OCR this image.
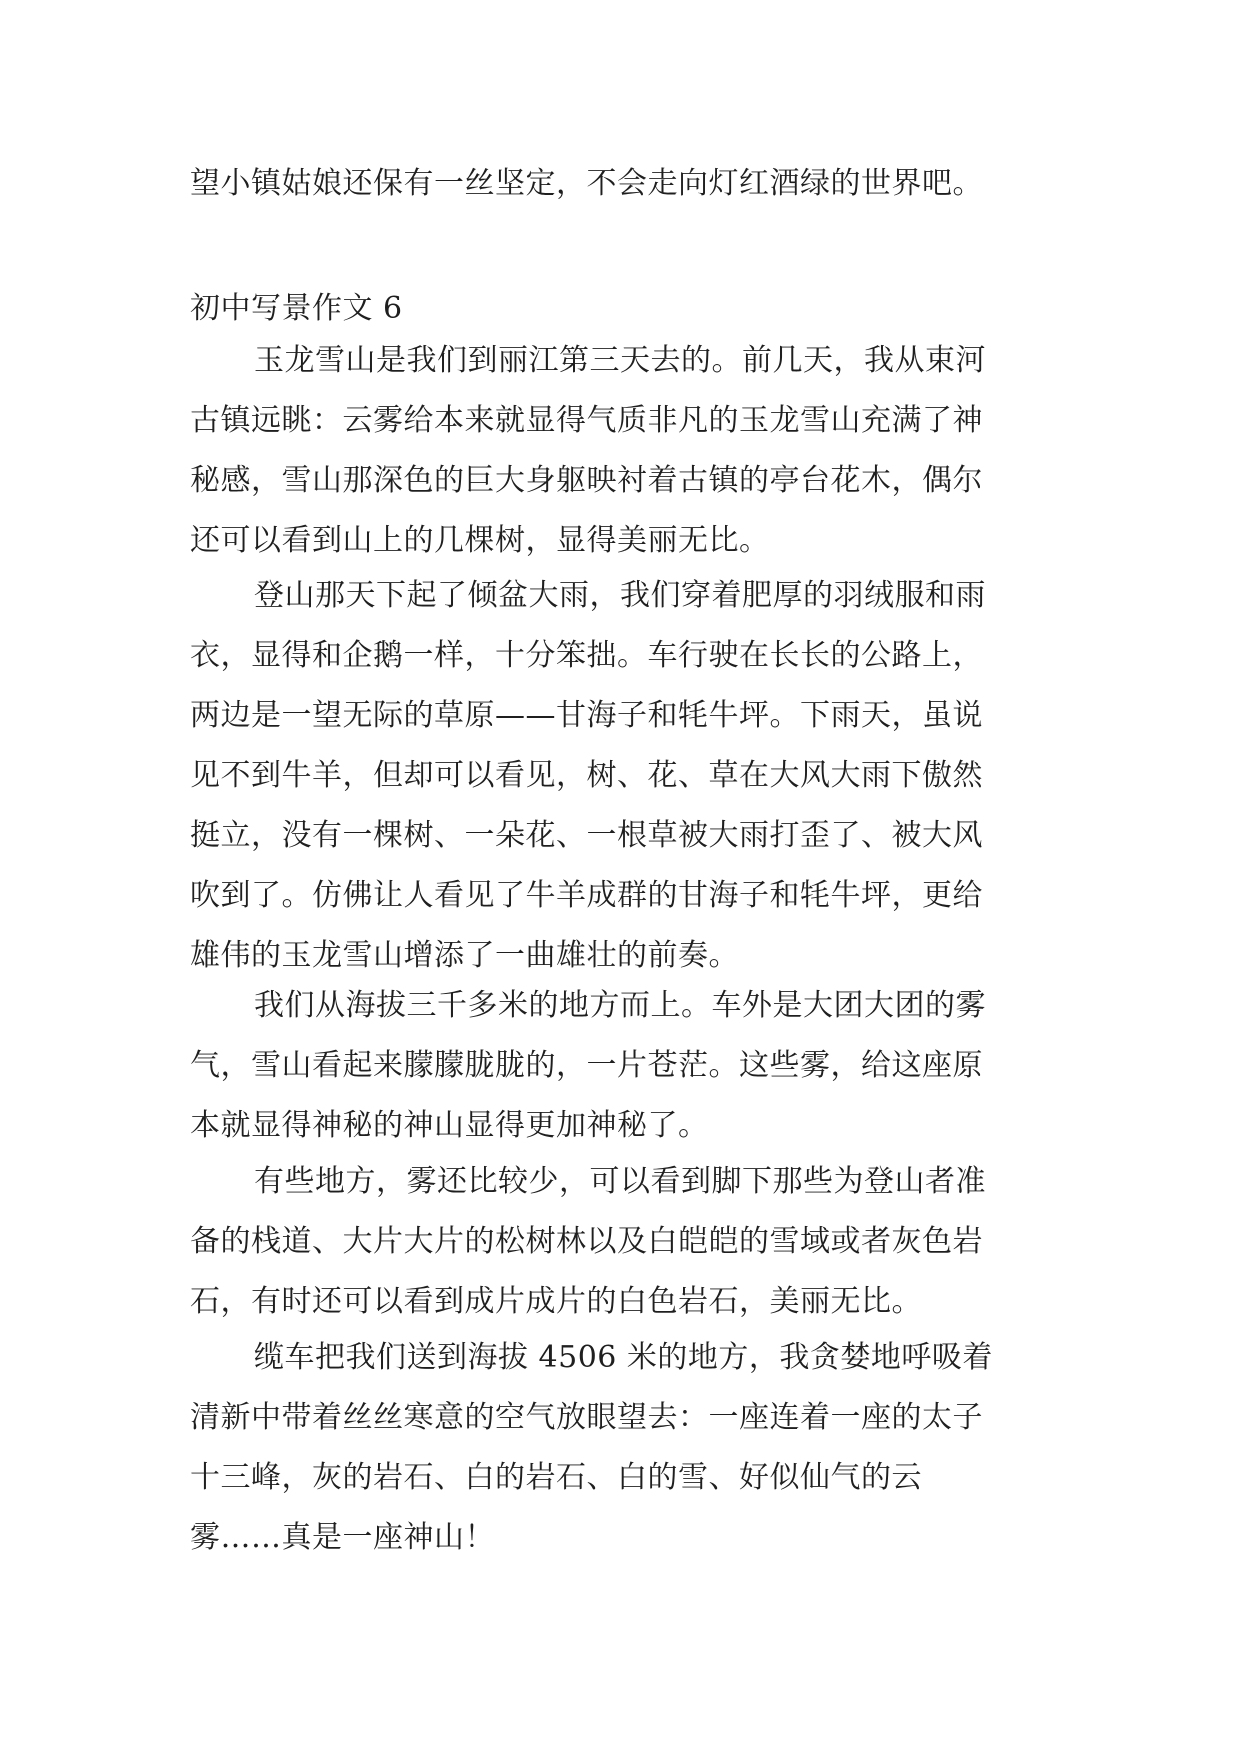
望小镇姑娘还保有一丝坚定，不会走向灯红酒绿的世界吧。
初中写景作文 6
玉龙雪山是我们到丽江第三天去的。前几天，我从束河
古镇远眺：云雾给本来就显得气质非凡的玉龙雪山充满了神
秘感，雪山那深色的巨大身躯映衬着古镇的亭台花木，偶尔
还可以看到山上的几棵树，显得美丽无比。
登山那天下起了倾盆大雨，我们穿着肥厚的羽绒服和雨
衣，显得和企鹅一样，十分笨拙。车行驶在长长的公路上，
两边是一望无际的草原——甘海子和牦牛坪。下雨天，虽说
见不到牛羊，但却可以看见，树、花、草在大风大雨下傲然
挺立，没有一棵树、一朵花、一根草被大雨打歪了、被大风
吹到了。仿佛让人看见了牛羊成群的甘海子和牦牛坪，更给
雄伟的玉龙雪山增添了一曲雄壮的前奏。
我们从海拔三千多米的地方而上。车外是大团大团的雾
气，雪山看起来朦朦胧胧的，一片苍茫。这些雾，给这座原
本就显得神秘的神山显得更加神秘了。
有些地方，雾还比较少，可以看到脚下那些为登山者准
备的栈道、大片大片的松树林以及白皑皑的雪域或者灰色岩
石，有时还可以看到成片成片的白色岩石，美丽无比。
缆车把我们送到海拔 4506 米的地方，我贪婪地呼吸着
清新中带着丝丝寒意的空气放眼望去：一座连着一座的太子
十三峰，灰的岩石、白的岩石、白的雪、好似仙气的云
雾……真是一座神山！
